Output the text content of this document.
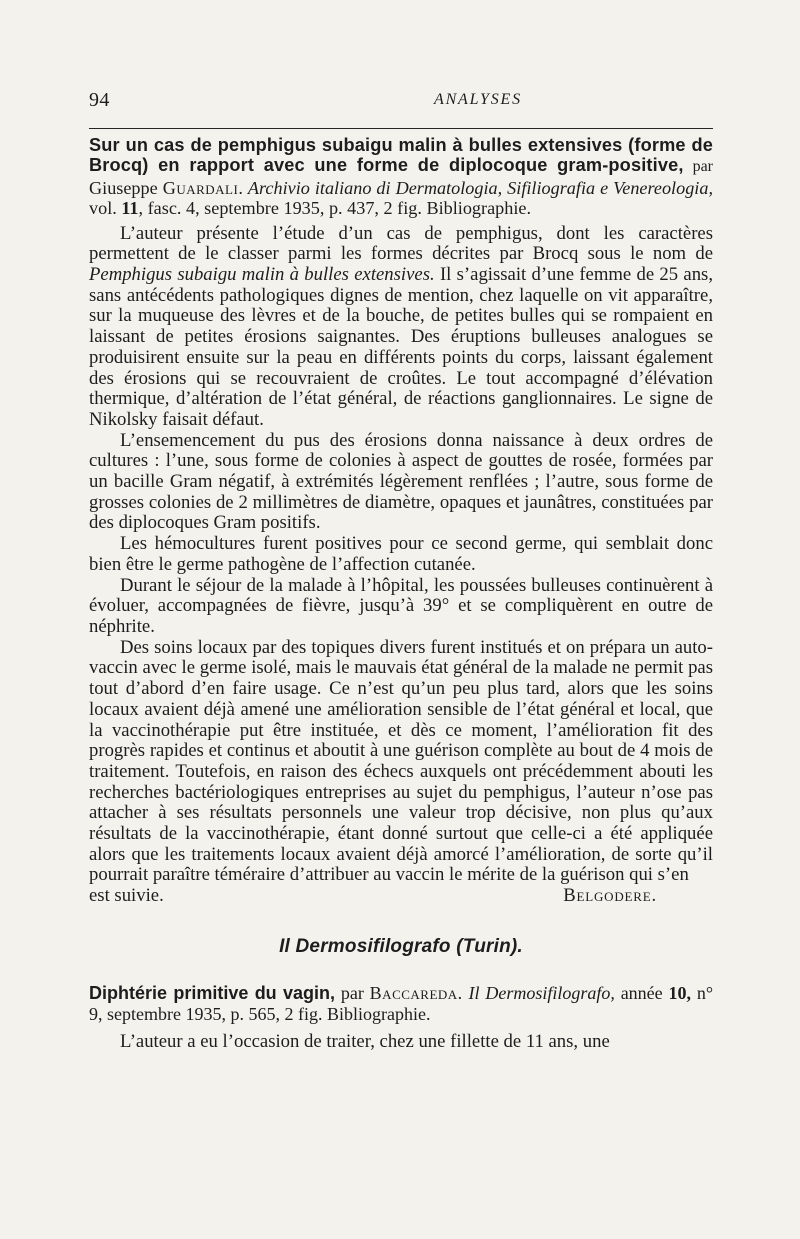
94	ANALYSES

Sur un cas de pemphigus subaigu malin à bulles extensives (forme de Brocq) en rapport avec une forme de diplocoque gram-positive, par Giuseppe Guardali. Archivio italiano di Dermatologia, Sifiliografia e Venereologia, vol. 11, fasc. 4, septembre 1935, p. 437, 2 fig. Bibliographie.

L’auteur présente l’étude d’un cas de pemphigus, dont les caractères permettent de le classer parmi les formes décrites par Brocq sous le nom de Pemphigus subaigu malin à bulles extensives. Il s’agissait d’une femme de 25 ans, sans antécédents pathologiques dignes de mention, chez laquelle on vit apparaître, sur la muqueuse des lèvres et de la bouche, de petites bulles qui se rompaient en laissant de petites érosions saignantes. Des éruptions bulleuses analogues se produisirent ensuite sur la peau en différents points du corps, laissant également des érosions qui se recouvraient de croûtes. Le tout accompagné d’élévation thermique, d’altération de l’état général, de réactions ganglionnaires. Le signe de Nikolsky faisait défaut.

L’ensemencement du pus des érosions donna naissance à deux ordres de cultures : l’une, sous forme de colonies à aspect de gouttes de rosée, formées par un bacille Gram négatif, à extrémités légèrement renflées ; l’autre, sous forme de grosses colonies de 2 millimètres de diamètre, opaques et jaunâtres, constituées par des diplocoques Gram positifs.

Les hémocultures furent positives pour ce second germe, qui semblait donc bien être le germe pathogène de l’affection cutanée.

Durant le séjour de la malade à l’hôpital, les poussées bulleuses continuèrent à évoluer, accompagnées de fièvre, jusqu’à 39° et se compliquèrent en outre de néphrite.

Des soins locaux par des topiques divers furent institués et on prépara un auto-vaccin avec le germe isolé, mais le mauvais état général de la malade ne permit pas tout d’abord d’en faire usage. Ce n’est qu’un peu plus tard, alors que les soins locaux avaient déjà amené une amélioration sensible de l’état général et local, que la vaccinothérapie put être instituée, et dès ce moment, l’amélioration fit des progrès rapides et continus et aboutit à une guérison complète au bout de 4 mois de traitement. Toutefois, en raison des échecs auxquels ont précédemment abouti les recherches bactériologiques entreprises au sujet du pemphigus, l’auteur n’ose pas attacher à ses résultats personnels une valeur trop décisive, non plus qu’aux résultats de la vaccinothérapie, étant donné surtout que celle-ci a été appliquée alors que les traitements locaux avaient déjà amorcé l’amélioration, de sorte qu’il pourrait paraître téméraire d’attribuer au vaccin le mérite de la guérison qui s’en

est suivie.	Belgodere.

Il Dermosifilografo (Turin).

Diphtérie primitive du vagin, par Baccareda. Il Dermosifilografo, année 10, n° 9, septembre 1935, p. 565, 2 fig. Bibliographie.

L’auteur a eu l’occasion de traiter, chez une fillette de 11 ans, une
